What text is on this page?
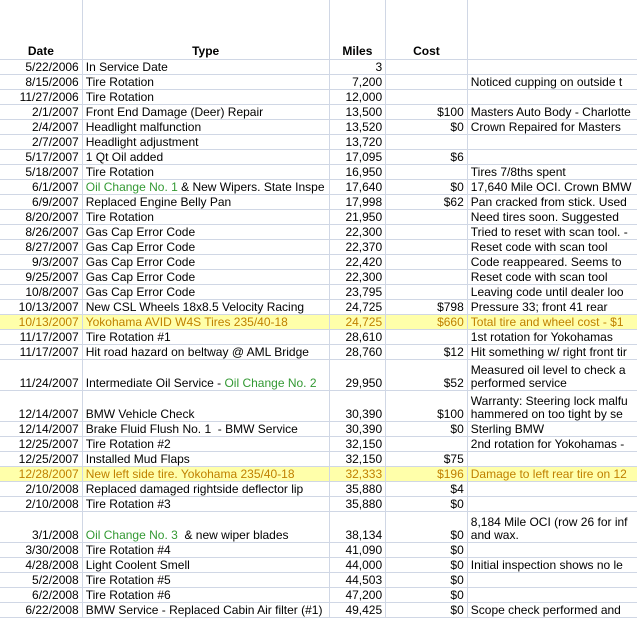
Date	Type	Miles	Cost	
5/22/2006	In Service Date	3		

8/15/2006	Tire Rotation	7,200		Noticed cupping on outside t

11/27/2006	Tire Rotation	12,000		

2/1/2007	Front End Damage (Deer) Repair	13,500	$100	Masters Auto Body - Charlotte

2/4/2007	Headlight malfunction	13,520	$0	Crown Repaired for Masters

2/7/2007	Headlight adjustment	13,720		

5/17/2007	1 Qt Oil added	17,095	$6	

5/18/2007	Tire Rotation	16,950		Tires 7/8ths spent

6/1/2007	Oil Change No. 1 & New Wipers. State Inspe	17,640	$0	17,640 Mile OCI. Crown BMW

6/9/2007	Replaced Engine Belly Pan	17,998	$62	Pan cracked from stick. Used

8/20/2007	Tire Rotation	21,950		Need tires soon. Suggested

8/26/2007	Gas Cap Error Code	22,300		Tried to reset with scan tool. -

8/27/2007	Gas Cap Error Code	22,370		Reset code with scan tool

9/3/2007	Gas Cap Error Code	22,420		Code reappeared. Seems to

9/25/2007	Gas Cap Error Code	22,300		Reset code with scan tool

10/8/2007	Gas Cap Error Code	23,795		Leaving code until dealer loo

10/13/2007	New CSL Wheels 18x8.5 Velocity Racing	24,725	$798	Pressure 33; front 41 rear

10/13/2007	Yokohama AVID W4S Tires 235/40-18	24,725	$660	Total tire and wheel cost - $1

11/17/2007	Tire Rotation #1	28,610		1st rotation for Yokohamas

11/17/2007	Hit road hazard on beltway @ AML Bridge	28,760	$12	Hit something w/ right front tir

11/24/2007	Intermediate Oil Service - Oil Change No. 2	29,950	$52	Measured oil level to check a
performed service

12/14/2007	BMW Vehicle Check	30,390	$100	Warranty: Steering lock malfu
hammered on too tight by se

12/14/2007	Brake Fluid Flush No. 1  - BMW Service	30,390	$0	Sterling BMW

12/25/2007	Tire Rotation #2	32,150		2nd rotation for Yokohamas -

12/25/2007	Installed Mud Flaps	32,150	$75	

12/28/2007	New left side tire. Yokohama 235/40-18	32,333	$196	Damage to left rear tire on 12

2/10/2008	Replaced damaged rightside deflector lip	35,880	$4	

2/10/2008	Tire Rotation #3	35,880	$0	

3/1/2008	Oil Change No. 3  & new wiper blades	38,134	$0	8,184 Mile OCI (row 26 for inf
and wax.

3/30/2008	Tire Rotation #4	41,090	$0	

4/28/2008	Light Coolent Smell	44,000	$0	Initial inspection shows no le

5/2/2008	Tire Rotation #5	44,503	$0	

6/2/2008	Tire Rotation #6	47,200	$0	

6/22/2008	BMW Service - Replaced Cabin Air filter (#1)	49,425	$0	Scope check performed and
